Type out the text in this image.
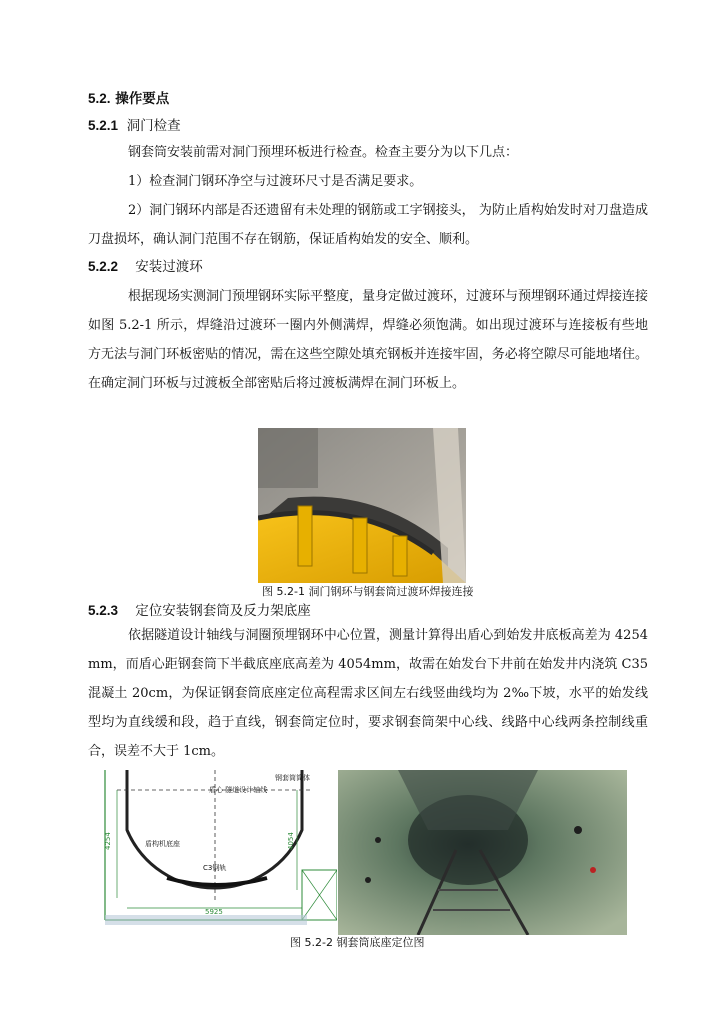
5.2. 操作要点
5.2.1 洞门检查
钢套筒安装前需对洞门预埋环板进行检查。检查主要分为以下几点：
1）检查洞门钢环净空与过渡环尺寸是否满足要求。
2）洞门钢环内部是否还遗留有未处理的钢筋或工字钢接头， 为防止盾构始发时对刀盘造成刀盘损坏，确认洞门范围不存在钢筋，保证盾构始发的安全、顺利。
5.2.2 安装过渡环
根据现场实测洞门预埋钢环实际平整度，量身定做过渡环，过渡环与预埋钢环通过焊接连接如图 5.2-1 所示，焊缝沿过渡环一圈内外侧满焊，焊缝必须饱满。如出现过渡环与连接板有些地方无法与洞门环板密贴的情况，需在这些空隙处填充钢板并连接牢固，务必将空隙尽可能地堵住。在确定洞门环板与过渡板全部密贴后将过渡板满焊在洞门环板上。
图 5.2-1 洞门钢环与钢套筒过渡环焊接连接
5.2.3 定位安装钢套筒及反力架底座
依据隧道设计轴线与洞圈预埋钢环中心位置，测量计算得出盾心到始发井底板高差为 4254mm，而盾心距钢套筒下半截底座底高差为 4054mm，故需在始发台下井前在始发井内浇筑 C35 混凝土 20cm，为保证钢套筒底座定位高程需求区间左右线竖曲线均为 2‰下坡，水平的始发线型均为直线缓和段，趋于直线，钢套筒定位时，要求钢套筒架中心线、线路中心线两条控制线重合，误差不大于 1cm。
盾心 隧道设计轴线
钢套筒筒体
盾构机底座
4254	4054
5925
C3钢轨
图 5.2-2 钢套筒底座定位图
